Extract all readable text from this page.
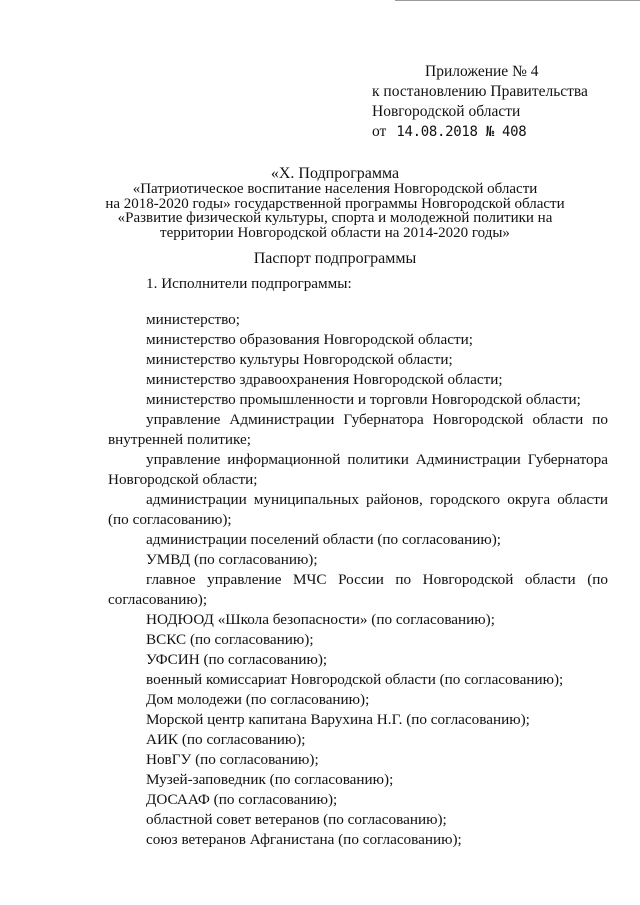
Приложение № 4
к постановлению Правительства
Новгородской области
от 14.08.2018 № 408
«X. Подпрограмма
«Патриотическое воспитание населения Новгородской области
на 2018-2020 годы» государственной программы Новгородской области
«Развитие физической культуры, спорта и молодежной политики на
территории Новгородской области на 2014-2020 годы»
Паспорт подпрограммы

1. Исполнители подпрограммы:

министерство;

министерство образования Новгородской области;

министерство культуры Новгородской области;

министерство здравоохранения Новгородской области;

министерство промышленности и торговли Новгородской области;

управление Администрации Губернатора Новгородской области по внутренней политике;

управление информационной политики Администрации Губернатора Новгородской области;

администрации муниципальных районов, городского округа области (по согласованию);

администрации поселений области (по согласованию);

УМВД (по согласованию);

главное управление МЧС России по Новгородской области (по согласованию);

НОДЮОД «Школа безопасности» (по согласованию);

ВСКС (по согласованию);

УФСИН (по согласованию);

военный комиссариат Новгородской области (по согласованию);

Дом молодежи (по согласованию);

Морской центр капитана Варухина Н.Г. (по согласованию);

АИК (по согласованию);

НовГУ (по согласованию);

Музей-заповедник (по согласованию);

ДОСААФ (по согласованию);

областной совет ветеранов (по согласованию);

союз ветеранов Афганистана (по согласованию);
